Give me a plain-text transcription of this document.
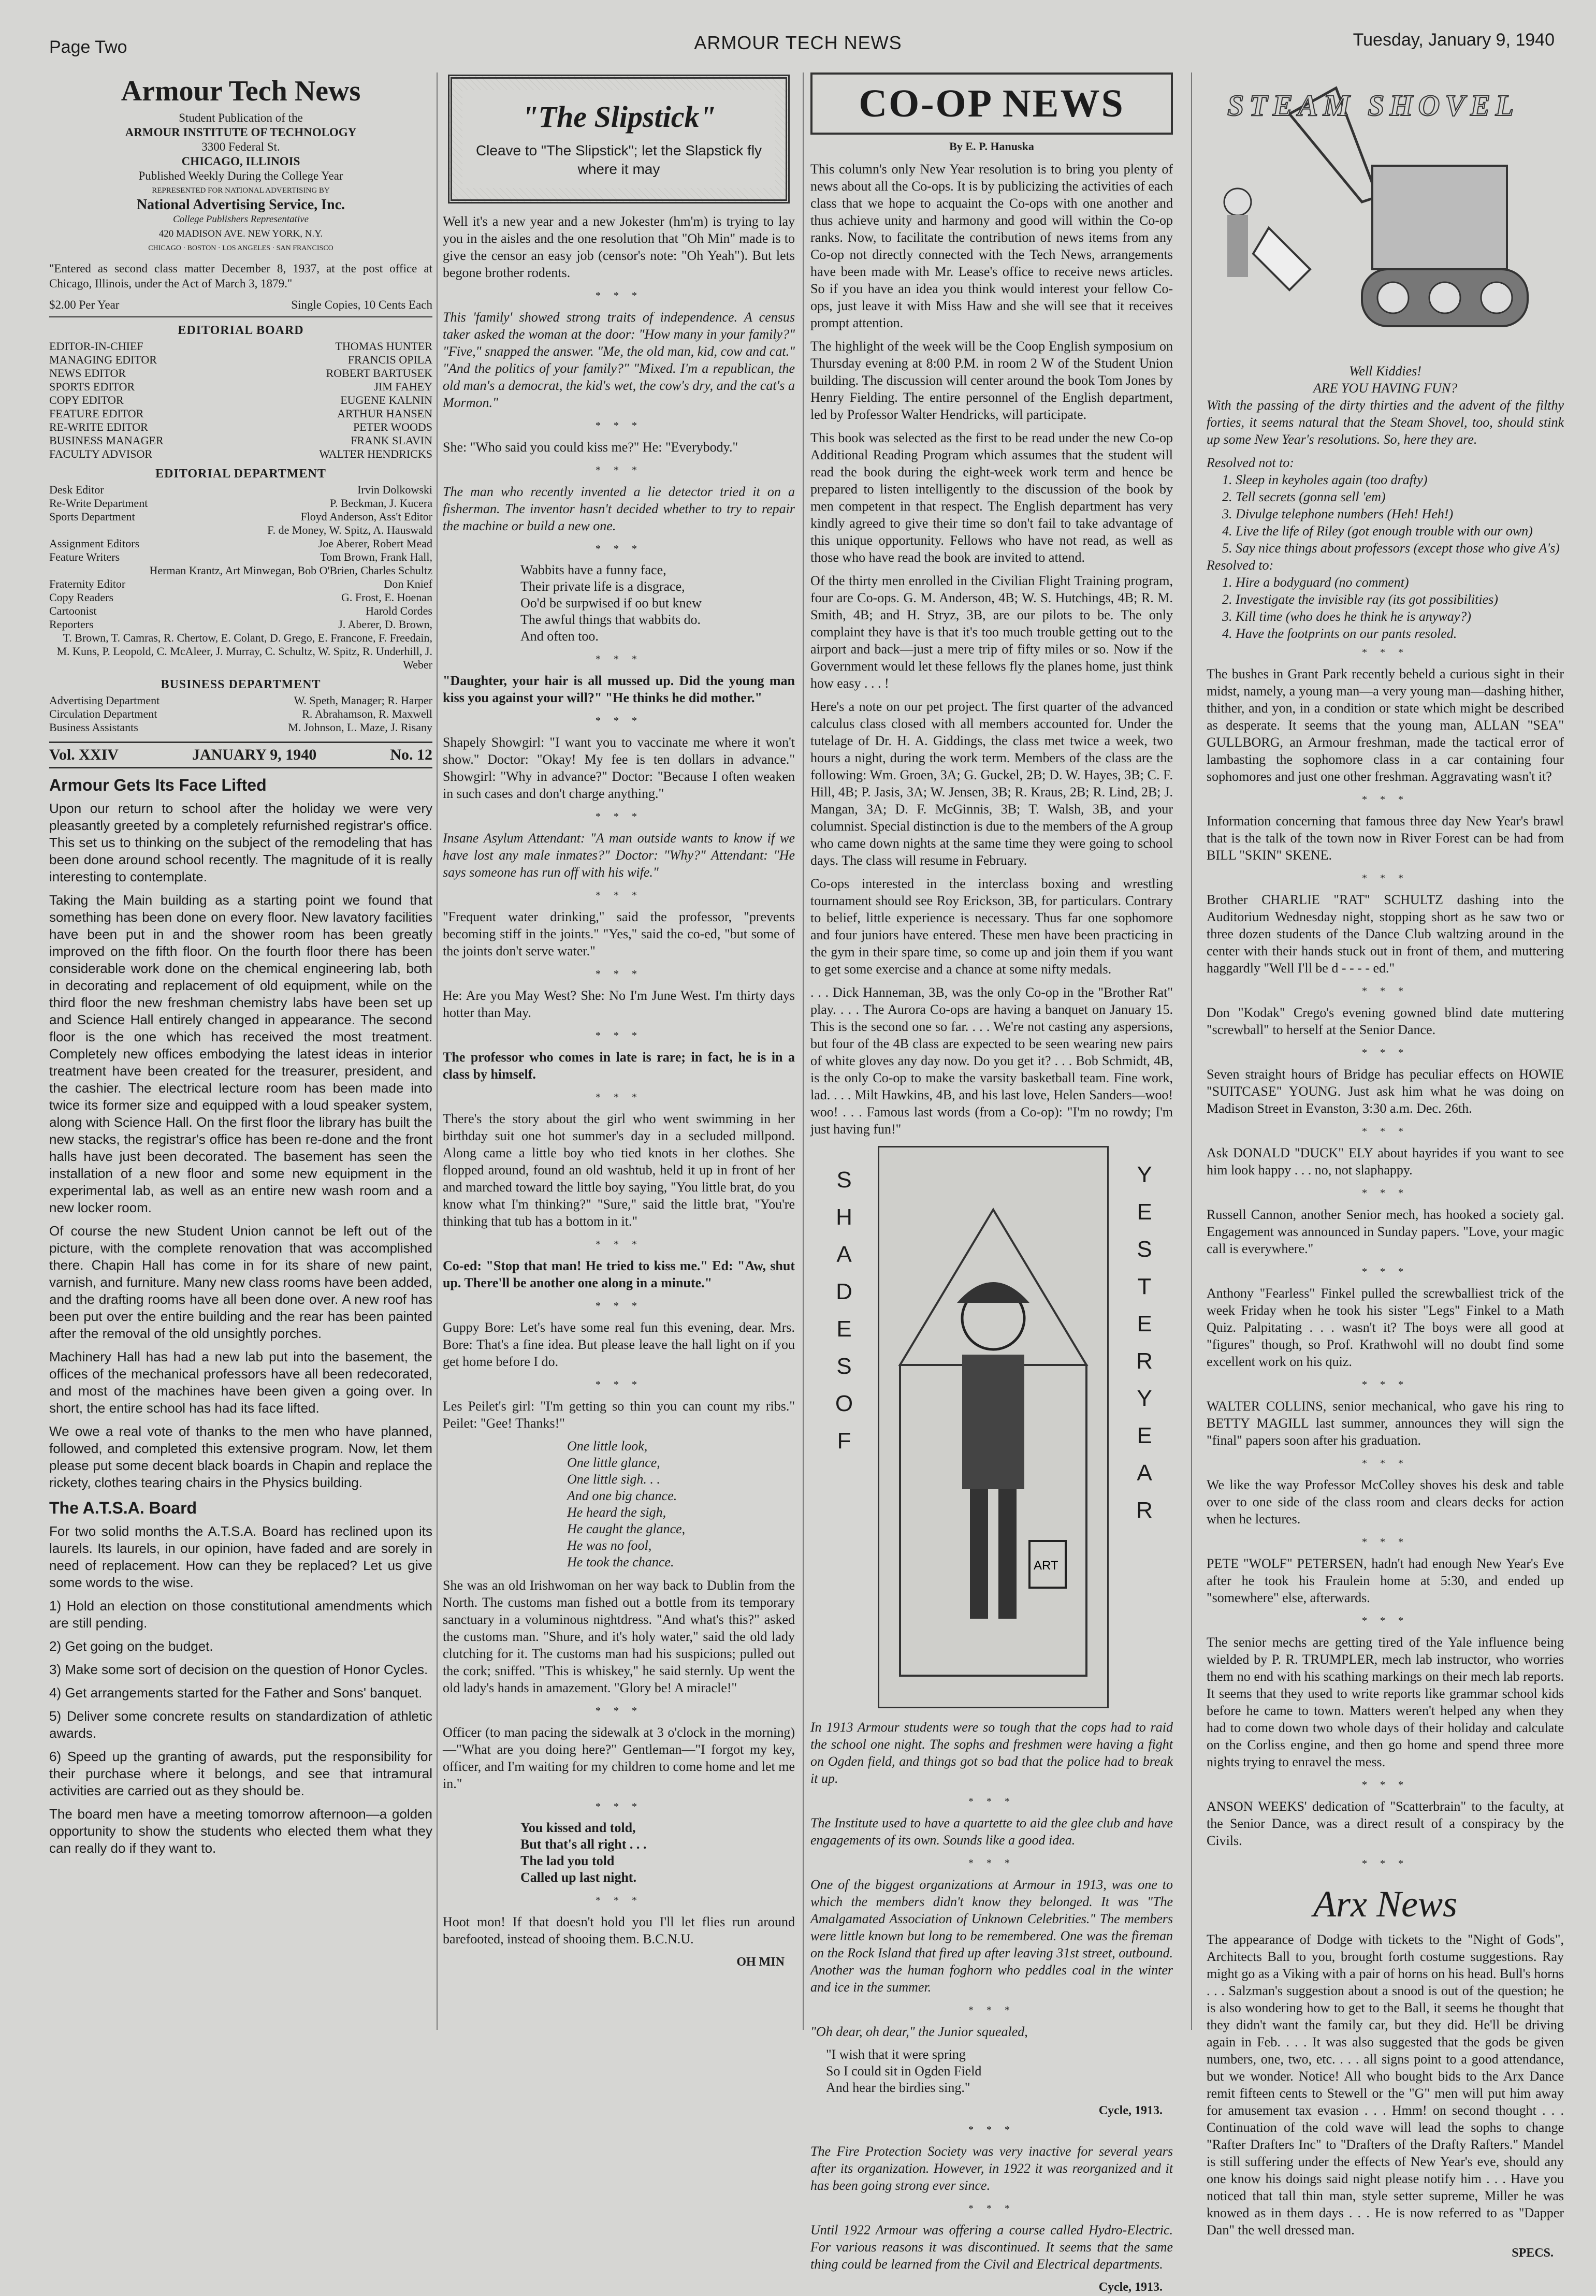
Page Two	ARMOUR TECH NEWS	Tuesday, January 9, 1940
Armour Tech News
Student Publication of the
ARMOUR INSTITUTE OF TECHNOLOGY
3300 Federal St.
CHICAGO, ILLINOIS
Published Weekly During the College Year
REPRESENTED FOR NATIONAL ADVERTISING BY
National Advertising Service, Inc.
College Publishers Representative
420 MADISON AVE. NEW YORK, N.Y.
CHICAGO · BOSTON · LOS ANGELES · SAN FRANCISCO

"Entered as second class matter December 8, 1937, at the post office at Chicago, Illinois, under the Act of March 3, 1879."

$2.00 Per Year	Single Copies, 10 Cents Each
EDITORIAL BOARD
EDITOR-IN-CHIEF	THOMAS HUNTER
MANAGING EDITOR	FRANCIS OPILA
NEWS EDITOR	ROBERT BARTUSEK
SPORTS EDITOR	JIM FAHEY
COPY EDITOR	EUGENE KALNIN
FEATURE EDITOR	ARTHUR HANSEN
RE-WRITE EDITOR	PETER WOODS
BUSINESS MANAGER	FRANK SLAVIN
FACULTY ADVISOR	WALTER HENDRICKS
EDITORIAL DEPARTMENT
Desk Editor	Irvin Dolkowski
Re-Write Department	P. Beckman, J. Kucera
Sports Department	Floyd Anderson, Ass't Editor
F. de Money, W. Spitz, A. Hauswald
Assignment Editors	Joe Aberer, Robert Mead
Feature Writers	Tom Brown, Frank Hall,
Herman Krantz, Art Minwegan, Bob O'Brien, Charles Schultz
Fraternity Editor	Don Knief
Copy Readers	G. Frost, E. Hoenan
Cartoonist	Harold Cordes
Reporters	J. Aberer, D. Brown,
T. Brown, T. Camras, R. Chertow, E. Colant, D. Grego, E. Francone, F. Freedain, M. Kuns, P. Leopold, C. McAleer, J. Murray, C. Schultz, W. Spitz, R. Underhill, J. Weber
BUSINESS DEPARTMENT
Advertising Department	W. Speth, Manager; R. Harper
Circulation Department	R. Abrahamson, R. Maxwell
Business Assistants	M. Johnson, L. Maze, J. Risany
Vol. XXIV	JANUARY 9, 1940	No. 12
Armour Gets Its Face Lifted

Upon our return to school after the holiday we were very pleasantly greeted by a completely refurnished registrar's office. This set us to thinking on the subject of the remodeling that has been done around school recently. The magnitude of it is really interesting to contemplate.

Taking the Main building as a starting point we found that something has been done on every floor. New lavatory facilities have been put in and the shower room has been greatly improved on the fifth floor. On the fourth floor there has been considerable work done on the chemical engineering lab, both in decorating and replacement of old equipment, while on the third floor the new freshman chemistry labs have been set up and Science Hall entirely changed in appearance. The second floor is the one which has received the most treatment. Completely new offices embodying the latest ideas in interior treatment have been created for the treasurer, president, and the cashier. The electrical lecture room has been made into twice its former size and equipped with a loud speaker system, along with Science Hall. On the first floor the library has built the new stacks, the registrar's office has been re-done and the front halls have just been decorated. The basement has seen the installation of a new floor and some new equipment in the experimental lab, as well as an entire new wash room and a new locker room.

Of course the new Student Union cannot be left out of the picture, with the complete renovation that was accomplished there. Chapin Hall has come in for its share of new paint, varnish, and furniture. Many new class rooms have been added, and the drafting rooms have all been done over. A new roof has been put over the entire building and the rear has been painted after the removal of the old unsightly porches.

Machinery Hall has had a new lab put into the basement, the offices of the mechanical professors have all been redecorated, and most of the machines have been given a going over. In short, the entire school has had its face lifted.

We owe a real vote of thanks to the men who have planned, followed, and completed this extensive program. Now, let them please put some decent black boards in Chapin and replace the rickety, clothes tearing chairs in the Physics building.

The A.T.S.A. Board

For two solid months the A.T.S.A. Board has reclined upon its laurels. Its laurels, in our opinion, have faded and are sorely in need of replacement. How can they be replaced? Let us give some words to the wise.

1) Hold an election on those constitutional amendments which are still pending.

2) Get going on the budget.

3) Make some sort of decision on the question of Honor Cycles.

4) Get arrangements started for the Father and Sons' banquet.

5) Deliver some concrete results on standardization of athletic awards.

6) Speed up the granting of awards, put the responsibility for their purchase where it belongs, and see that intramural activities are carried out as they should be.

The board men have a meeting tomorrow afternoon—a golden opportunity to show the students who elected them what they can really do if they want to.

"The Slipstick"
Cleave to "The Slipstick"; let the Slapstick fly where it may

Well it's a new year and a new Jokester (hm'm) is trying to lay you in the aisles and the one resolution that "Oh Min" made is to give the censor an easy job (censor's note: "Oh Yeah"). But lets begone brother rodents.

* * *

This 'family' showed strong traits of independence. A census taker asked the woman at the door: "How many in your family?" "Five," snapped the answer. "Me, the old man, kid, cow and cat." "And the politics of your family?" "Mixed. I'm a republican, the old man's a democrat, the kid's wet, the cow's dry, and the cat's a Mormon."

* * *

She: "Who said you could kiss me?" He: "Everybody."

* * *

The man who recently invented a lie detector tried it on a fisherman. The inventor hasn't decided whether to try to repair the machine or build a new one.

* * *
Wabbits have a funny face,
Their private life is a disgrace,
Oo'd be surpwised if oo but knew
The awful things that wabbits do.
And often too.
* * *

"Daughter, your hair is all mussed up. Did the young man kiss you against your will?" "He thinks he did mother."

* * *

Shapely Showgirl: "I want you to vaccinate me where it won't show." Doctor: "Okay! My fee is ten dollars in advance." Showgirl: "Why in advance?" Doctor: "Because I often weaken in such cases and don't charge anything."

* * *

Insane Asylum Attendant: "A man outside wants to know if we have lost any male inmates?" Doctor: "Why?" Attendant: "He says someone has run off with his wife."

* * *

"Frequent water drinking," said the professor, "prevents becoming stiff in the joints." "Yes," said the co-ed, "but some of the joints don't serve water."

* * *

He: Are you May West? She: No I'm June West. I'm thirty days hotter than May.

* * *

The professor who comes in late is rare; in fact, he is in a class by himself.

* * *

There's the story about the girl who went swimming in her birthday suit one hot summer's day in a secluded millpond. Along came a little boy who tied knots in her clothes. She flopped around, found an old washtub, held it up in front of her and marched toward the little boy saying, "You little brat, do you know what I'm thinking?" "Sure," said the little brat, "You're thinking that tub has a bottom in it."

* * *

Co-ed: "Stop that man! He tried to kiss me." Ed: "Aw, shut up. There'll be another one along in a minute."

* * *

Guppy Bore: Let's have some real fun this evening, dear. Mrs. Bore: That's a fine idea. But please leave the hall light on if you get home before I do.

* * *

Les Peilet's girl: "I'm getting so thin you can count my ribs." Peilet: "Gee! Thanks!"

One little look,
One little glance,
One little sigh. . .
And one big chance.
He heard the sigh,
He caught the glance,
He was no fool,
He took the chance.

She was an old Irishwoman on her way back to Dublin from the North. The customs man fished out a bottle from its temporary sanctuary in a voluminous nightdress. "And what's this?" asked the customs man. "Shure, and it's holy water," said the old lady clutching for it. The customs man had his suspicions; pulled out the cork; sniffed. "This is whiskey," he said sternly. Up went the old lady's hands in amazement. "Glory be! A miracle!"

* * *

Officer (to man pacing the sidewalk at 3 o'clock in the morning)—"What are you doing here?" Gentleman—"I forgot my key, officer, and I'm waiting for my children to come home and let me in."

* * *
You kissed and told,
But that's all right . . .
The lad you told
Called up last night.
* * *

Hoot mon! If that doesn't hold you I'll let flies run around barefooted, instead of shooing them. B.C.N.U.

OH MIN
CO-OP NEWS
By E. P. Hanuska

This column's only New Year resolution is to bring you plenty of news about all the Co-ops. It is by publicizing the activities of each class that we hope to acquaint the Co-ops with one another and thus achieve unity and harmony and good will within the Co-op ranks. Now, to facilitate the contribution of news items from any Co-op not directly connected with the Tech News, arrangements have been made with Mr. Lease's office to receive news articles. So if you have an idea you think would interest your fellow Co-ops, just leave it with Miss Haw and she will see that it receives prompt attention.

The highlight of the week will be the Coop English symposium on Thursday evening at 8:00 P.M. in room 2 W of the Student Union building. The discussion will center around the book Tom Jones by Henry Fielding. The entire personnel of the English department, led by Professor Walter Hendricks, will participate.

This book was selected as the first to be read under the new Co-op Additional Reading Program which assumes that the student will read the book during the eight-week work term and hence be prepared to listen intelligently to the discussion of the book by men competent in that respect. The English department has very kindly agreed to give their time so don't fail to take advantage of this unique opportunity. Fellows who have not read, as well as those who have read the book are invited to attend.

Of the thirty men enrolled in the Civilian Flight Training program, four are Co-ops. G. M. Anderson, 4B; W. S. Hutchings, 4B; R. M. Smith, 4B; and H. Stryz, 3B, are our pilots to be. The only complaint they have is that it's too much trouble getting out to the airport and back—just a mere trip of fifty miles or so. Now if the Government would let these fellows fly the planes home, just think how easy . . . !

Here's a note on our pet project. The first quarter of the advanced calculus class closed with all members accounted for. Under the tutelage of Dr. H. A. Giddings, the class met twice a week, two hours a night, during the work term. Members of the class are the following: Wm. Groen, 3A; G. Guckel, 2B; D. W. Hayes, 3B; C. F. Hill, 4B; P. Jasis, 3A; W. Jensen, 3B; R. Kraus, 2B; R. Lind, 2B; J. Mangan, 3A; D. F. McGinnis, 3B; T. Walsh, 3B, and your columnist. Special distinction is due to the members of the A group who came down nights at the same time they were going to school days. The class will resume in February.

Co-ops interested in the interclass boxing and wrestling tournament should see Roy Erickson, 3B, for particulars. Contrary to belief, little experience is necessary. Thus far one sophomore and four juniors have entered. These men have been practicing in the gym in their spare time, so come up and join them if you want to get some exercise and a chance at some nifty medals.

. . . Dick Hanneman, 3B, was the only Co-op in the "Brother Rat" play. . . . The Aurora Co-ops are having a banquet on January 15. This is the second one so far. . . . We're not casting any aspersions, but four of the 4B class are expected to be seen wearing new pairs of white gloves any day now. Do you get it? . . . Bob Schmidt, 4B, is the only Co-op to make the varsity basketball team. Fine work, lad. . . . Milt Hawkins, 4B, and his last love, Helen Sanders—woo! woo! . . . Famous last words (from a Co-op): "I'm no rowdy; I'm just having fun!"

S
H
A
D
E
S
O
F
ART
Y
E
S
T
E
R
Y
E
A
R

In 1913 Armour students were so tough that the cops had to raid the school one night. The sophs and freshmen were having a fight on Ogden field, and things got so bad that the police had to break it up.

* * *

The Institute used to have a quartette to aid the glee club and have engagements of its own. Sounds like a good idea.

* * *

One of the biggest organizations at Armour in 1913, was one to which the members didn't know they belonged. It was "The Amalgamated Association of Unknown Celebrities." The members were little known but long to be remembered. One was the fireman on the Rock Island that fired up after leaving 31st street, outbound. Another was the human foghorn who peddles coal in the winter and ice in the summer.

* * *

"Oh dear, oh dear," the Junior squealed,

"I wish that it were spring
So I could sit in Ogden Field
And hear the birdies sing."
Cycle, 1913.
* * *

The Fire Protection Society was very inactive for several years after its organization. However, in 1922 it was reorganized and it has been going strong ever since.

* * *

Until 1922 Armour was offering a course called Hydro-Electric. For various reasons it was discontinued. It seems that the same thing could be learned from the Civil and Electrical departments.

Cycle, 1913.
STEAM SHOVEL
Well Kiddies!
ARE YOU HAVING FUN?

With the passing of the dirty thirties and the advent of the filthy forties, it seems natural that the Steam Shovel, too, should stink up some New Year's resolutions. So, here they are.

Resolved not to:
1. Sleep in keyholes again (too drafty)
2. Tell secrets (gonna sell 'em)
3. Divulge telephone numbers (Heh! Heh!)
4. Live the life of Riley (got enough trouble with our own)
5. Say nice things about professors (except those who give A's)
Resolved to:
1. Hire a bodyguard (no comment)
2. Investigate the invisible ray (its got possibilities)
3. Kill time (who does he think he is anyway?)
4. Have the footprints on our pants resoled.
* * *

The bushes in Grant Park recently beheld a curious sight in their midst, namely, a young man—a very young man—dashing hither, thither, and yon, in a condition or state which might be described as desperate. It seems that the young man, ALLAN "SEA" GULLBORG, an Armour freshman, made the tactical error of lambasting the sophomore class in a car containing four sophomores and just one other freshman. Aggravating wasn't it?

* * *

Information concerning that famous three day New Year's brawl that is the talk of the town now in River Forest can be had from BILL "SKIN" SKENE.

* * *

Brother CHARLIE "RAT" SCHULTZ dashing into the Auditorium Wednesday night, stopping short as he saw two or three dozen students of the Dance Club waltzing around in the center with their hands stuck out in front of them, and muttering haggardly "Well I'll be d - - - - ed."

* * *

Don "Kodak" Crego's evening gowned blind date muttering "screwball" to herself at the Senior Dance.

* * *

Seven straight hours of Bridge has peculiar effects on HOWIE "SUITCASE" YOUNG. Just ask him what he was doing on Madison Street in Evanston, 3:30 a.m. Dec. 26th.

* * *

Ask DONALD "DUCK" ELY about hayrides if you want to see him look happy . . . no, not slaphappy.

* * *

Russell Cannon, another Senior mech, has hooked a society gal. Engagement was announced in Sunday papers. "Love, your magic call is everywhere."

* * *

Anthony "Fearless" Finkel pulled the screwballiest trick of the week Friday when he took his sister "Legs" Finkel to a Math Quiz. Palpitating . . . wasn't it? The boys were all good at "figures" though, so Prof. Krathwohl will no doubt find some excellent work on his quiz.

* * *

WALTER COLLINS, senior mechanical, who gave his ring to BETTY MAGILL last summer, announces they will sign the "final" papers soon after his graduation.

* * *

We like the way Professor McColley shoves his desk and table over to one side of the class room and clears decks for action when he lectures.

* * *

PETE "WOLF" PETERSEN, hadn't had enough New Year's Eve after he took his Fraulein home at 5:30, and ended up "somewhere" else, afterwards.

* * *

The senior mechs are getting tired of the Yale influence being wielded by P. R. TRUMPLER, mech lab instructor, who worries them no end with his scathing markings on their mech lab reports. It seems that they used to write reports like grammar school kids before he came to town. Matters weren't helped any when they had to come down two whole days of their holiday and calculate on the Corliss engine, and then go home and spend three more nights trying to enravel the mess.

* * *

ANSON WEEKS' dedication of "Scatterbrain" to the faculty, at the Senior Dance, was a direct result of a conspiracy by the Civils.

* * *
Arx News

The appearance of Dodge with tickets to the "Night of Gods", Architects Ball to you, brought forth costume suggestions. Ray might go as a Viking with a pair of horns on his head. Bull's horns . . . Salzman's suggestion about a snood is out of the question; he is also wondering how to get to the Ball, it seems he thought that they didn't want the family car, but they did. He'll be driving again in Feb. . . . It was also suggested that the gods be given numbers, one, two, etc. . . . all signs point to a good attendance, but we wonder. Notice! All who bought bids to the Arx Dance remit fifteen cents to Stewell or the "G" men will put him away for amusement tax evasion . . . Hmm! on second thought . . . Continuation of the cold wave will lead the sophs to change "Rafter Drafters Inc" to "Drafters of the Drafty Rafters." Mandel is still suffering under the effects of New Year's eve, should any one know his doings said night please notify him . . . Have you noticed that tall thin man, style setter supreme, Miller he was knowed as in them days . . . He is now referred to as "Dapper Dan" the well dressed man.

SPECS.
